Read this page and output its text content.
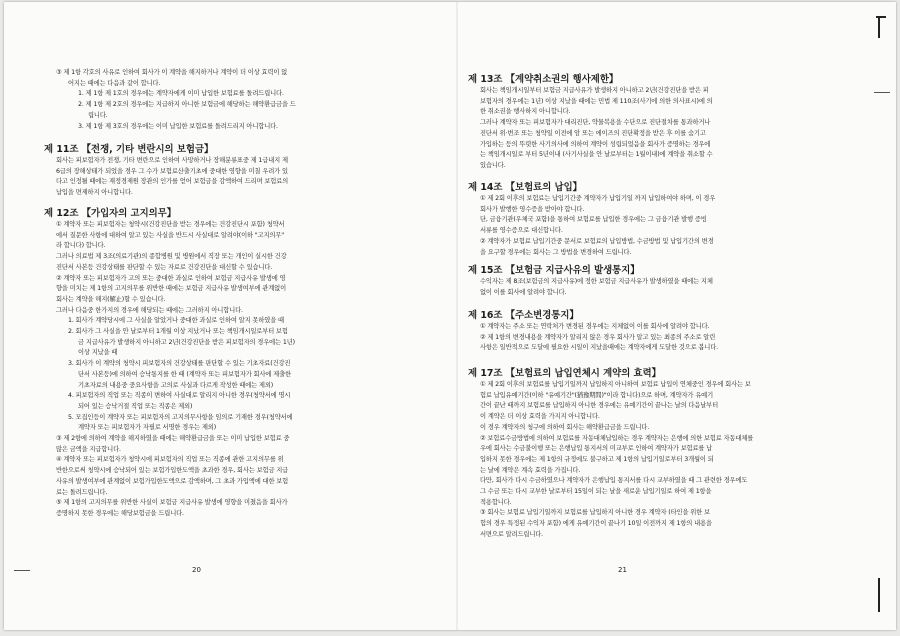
③ 제 1항 각호의 사유로 인하여 회사가 이 계약을 해지하거나 계약이 더 이상 효력이 없
어지는 때에는 다음과 같이 합니다.
1. 제 1항 제 1호의 경우에는 계약자에게 이미 납입한 보험료를 돌려드립니다.
2. 제 1항 제 2호의 경우에는 지급하지 아니한 보험금에 해당하는 해약환급금을 드
립니다.
3. 제 1항 제 3호의 경우에는 이미 납입한 보험료를 돌려드리지 아니합니다.
제 11조 【전쟁, 기타 변란시의 보험금】
회사는 피보험자가 전쟁, 기타 변란으로 인하여 사망하거나 장해분류표중 제 1급내지 제
6급의 장해상태가 되었을 경우 그 수가 보험료산출기초에 중대한 영향을 미칠 우려가 있
다고 인정될 때에는 재정경제원 장관의 인가를 얻어 보험금을 감액하여 드리며 보험료의
납입을 면제하지 아니합니다.
제 12조 【가입자의 고지의무】
① 계약자 또는 피보험자는 청약시(건강진단을 받는 경우에는 건강진단시 포함) 청약서
에서 질문한 사항에 대하여 알고 있는 사실을 반드시 사실대로 알려야(이하 "고지의무"
라 합니다) 합니다.
그러나 의료법 제 3조(의료기관)의 종합병원 및 병원에서 직장 또는 개인이 실시한 건강
진단서 사본등 건강상태를 판단할 수 있는 자료로 건강진단을 대신할 수 있습니다.
② 계약자 또는 피보험자가 고의 또는 중대한 과실로 인하여 보험금 지급사유 발생에 영
향을 미치는 제 1항의 고지의무를 위반한 때에는 보험금 지급사유 발생여부에 관계없이
회사는 계약을 해지(解止)할 수 있습니다.
그러나 다음중 한가지의 경우에 해당되는 때에는 그러하지 아니합니다.
1. 회사가 계약당시에 그 사실을 알았거나 중대한 과실로 인하여 알지 못하였을 때
2. 회사가 그 사실을 안 날로부터 1개월 이상 지났거나 또는 책임개시일로부터 보험
금 지급사유가 발생하지 아니하고 2년(건강진단을 받은 피보험자의 경우에는 1년)
이상 지났을 때
3. 회사가 이 계약의 청약시 피보험자의 건강상태를 판단할 수 있는 기초자료(건강진
단서 사본등)에 의하여 승낙통지를 한 때 (계약자 또는 피보험자가 회사에 제출한
기초자료의 내용중 중요사항을 고의로 사실과 다르게 작성한 때에는 제외)
4. 피보험자의 직업 또는 직종이 변하여 사실대로 알리지 아니한 경우(청약서에 명시
되어 있는 승낙거절 직업 또는 직종은 제외)
5. 모집인등이 계약자 또는 피보험자의 고지의무사항을 임의로 기재한 경우(청약서에
계약자 또는 피보험자가 자필로 서명한 경우는 제외)
③ 제 2항에 의하여 계약을 해지하였을 때에는 해약환급금을 또는 이미 납입한 보험료 중
많은 금액을 지급합니다.
④ 계약자 또는 피보험자가 청약시에 피보험자의 직업 또는 직종에 관한 고지의무를 위
반한으로써 청약시에 승낙되어 있는 보험가입한도액을 초과한 경우, 회사는 보험금 지급
사유의 발생여부에 관계없이 보험가입한도액으로 감액하며, 그 초과 가입액에 대한 보험
료는 돌려드립니다.
⑤ 제 1항의 고지의무를 위반한 사실이 보험금 지급사유 발생에 영향을 미쳤음을 회사가
증명하지 못한 경우에는 해당보험금을 드립니다.
20
제 13조 【계약취소권의 행사제한】
회사는 책임개시일부터 보험금 지급사유가 발생하지 아니하고 2년(건강진단을 받은 피
보험자의 경우에는 1년) 이상 지났을 때에는 민법 제 110조(사기에 의한 의사표시)에 의
한 취소권을 행사하지 아니합니다.
그러나 계약자 또는 피보험자가 대리진단, 약물복용을 수단으로 진단절차를 통과하거나
진단서 위·변조 또는 청약일 이전에 암 또는 에이즈의 진단확정을 받은 후 이를 숨기고
가입하는 등의 뚜렷한 사기의사에 의하여 계약이 성립되었음을 회사가 증명하는 경우에
는 책임개시일로 부터 5년이내 (사기사실을 안 날로부터는 1월이내)에 계약을 취소할 수
있습니다.
제 14조 【보험료의 납입】
① 제 2회 이후의 보험료는 납입기간중 계약자가 납입기일 까지 납입하여야 하며, 이 경우
회사가 발행한 영수증을 받아야 합니다.
단, 금융기관(우체국 포함)을 통하여 보험료를 납입한 경우에는 그 금융기관 발행 증빙
서류를 영수증으로 대신합니다.
② 계약자가 보험료 납입기간중 문서로 보험료의 납입방법, 수금방법 및 납입기간의 변경
을 요구할 경우에는 회사는 그 방법을 변경하여 드립니다.
제 15조 【보험금 지급사유의 발생통지】
수익자는 제 8조(보험금의 지급사유)에 정한 보험금 지급사유가 발생하였을 때에는 지체
없이 이를 회사에 알려야 합니다.
제 16조 【주소변경통지】
① 계약자는 주소 또는 연락처가 변경된 경우에는 지체없이 이를 회사에 알려야 합니다.
② 제 1항의 변경내용을 계약자가 알리지 않은 경우 회사가 알고 있는 최종의 주소로 알린
사항은 일반적으로 도달에 필요한 시일이 지났을때에는 계약자에게 도달한 것으로 봅니다.
제 17조 【보험료의 납입연체시 계약의 효력】
① 제 2회 이후의 보험료를 납입기일까지 납입하지 아니하여 보험료 납입이 연체중인 경우에 회사는 보
험료 납입유예기간(이하 "유예기간"(猶豫期間)"이라 합니다)으로 하며, 계약자가 유예기
간이 끝난 때까지 보험료를 납입하지 아니한 경우에는 유예기간이 끝나는 날의 다음날부터
이 계약은 더 이상 효력을 가지지 아니합니다.
이 경우 계약자의 청구에 의하여 회사는 해약환급금을 드립니다.
② 보험료수금방법에 의하여 보험료를 자동대체납입하는 경우 계약자는 은행에 의한 보험료 자동대체를
우에 회사는 수금불이행 또는 은행납입 통지서의 미교부로 인하여 계약자가 보험료를 납
입하지 못한 경우에는 제 1항의 규정에도 불구하고 제 1항의 납입기일로부터 3개월이 되
는 날에 계약은 계속 효력을 가집니다.
다만, 회사가 다시 수금하였으나 계약자가 은행납입 통지서를 다시 교부하였을 때 그 관련한 경우에도
그 수금 또는 다시 교부한 날로부터 15일이 되는 날을 새로운 납입기일로 하여 제 1항을
적용합니다.
③ 회사는 보험료 납입기일까지 보험료를 납입하지 아니한 경우 계약자 (타인을 위한 보
험의 경우 특정된 수익자 포함) 에게 유예기간이 끝나기 10일 이전까지 제 1항의 내용을
서면으로 알려드립니다.
21
